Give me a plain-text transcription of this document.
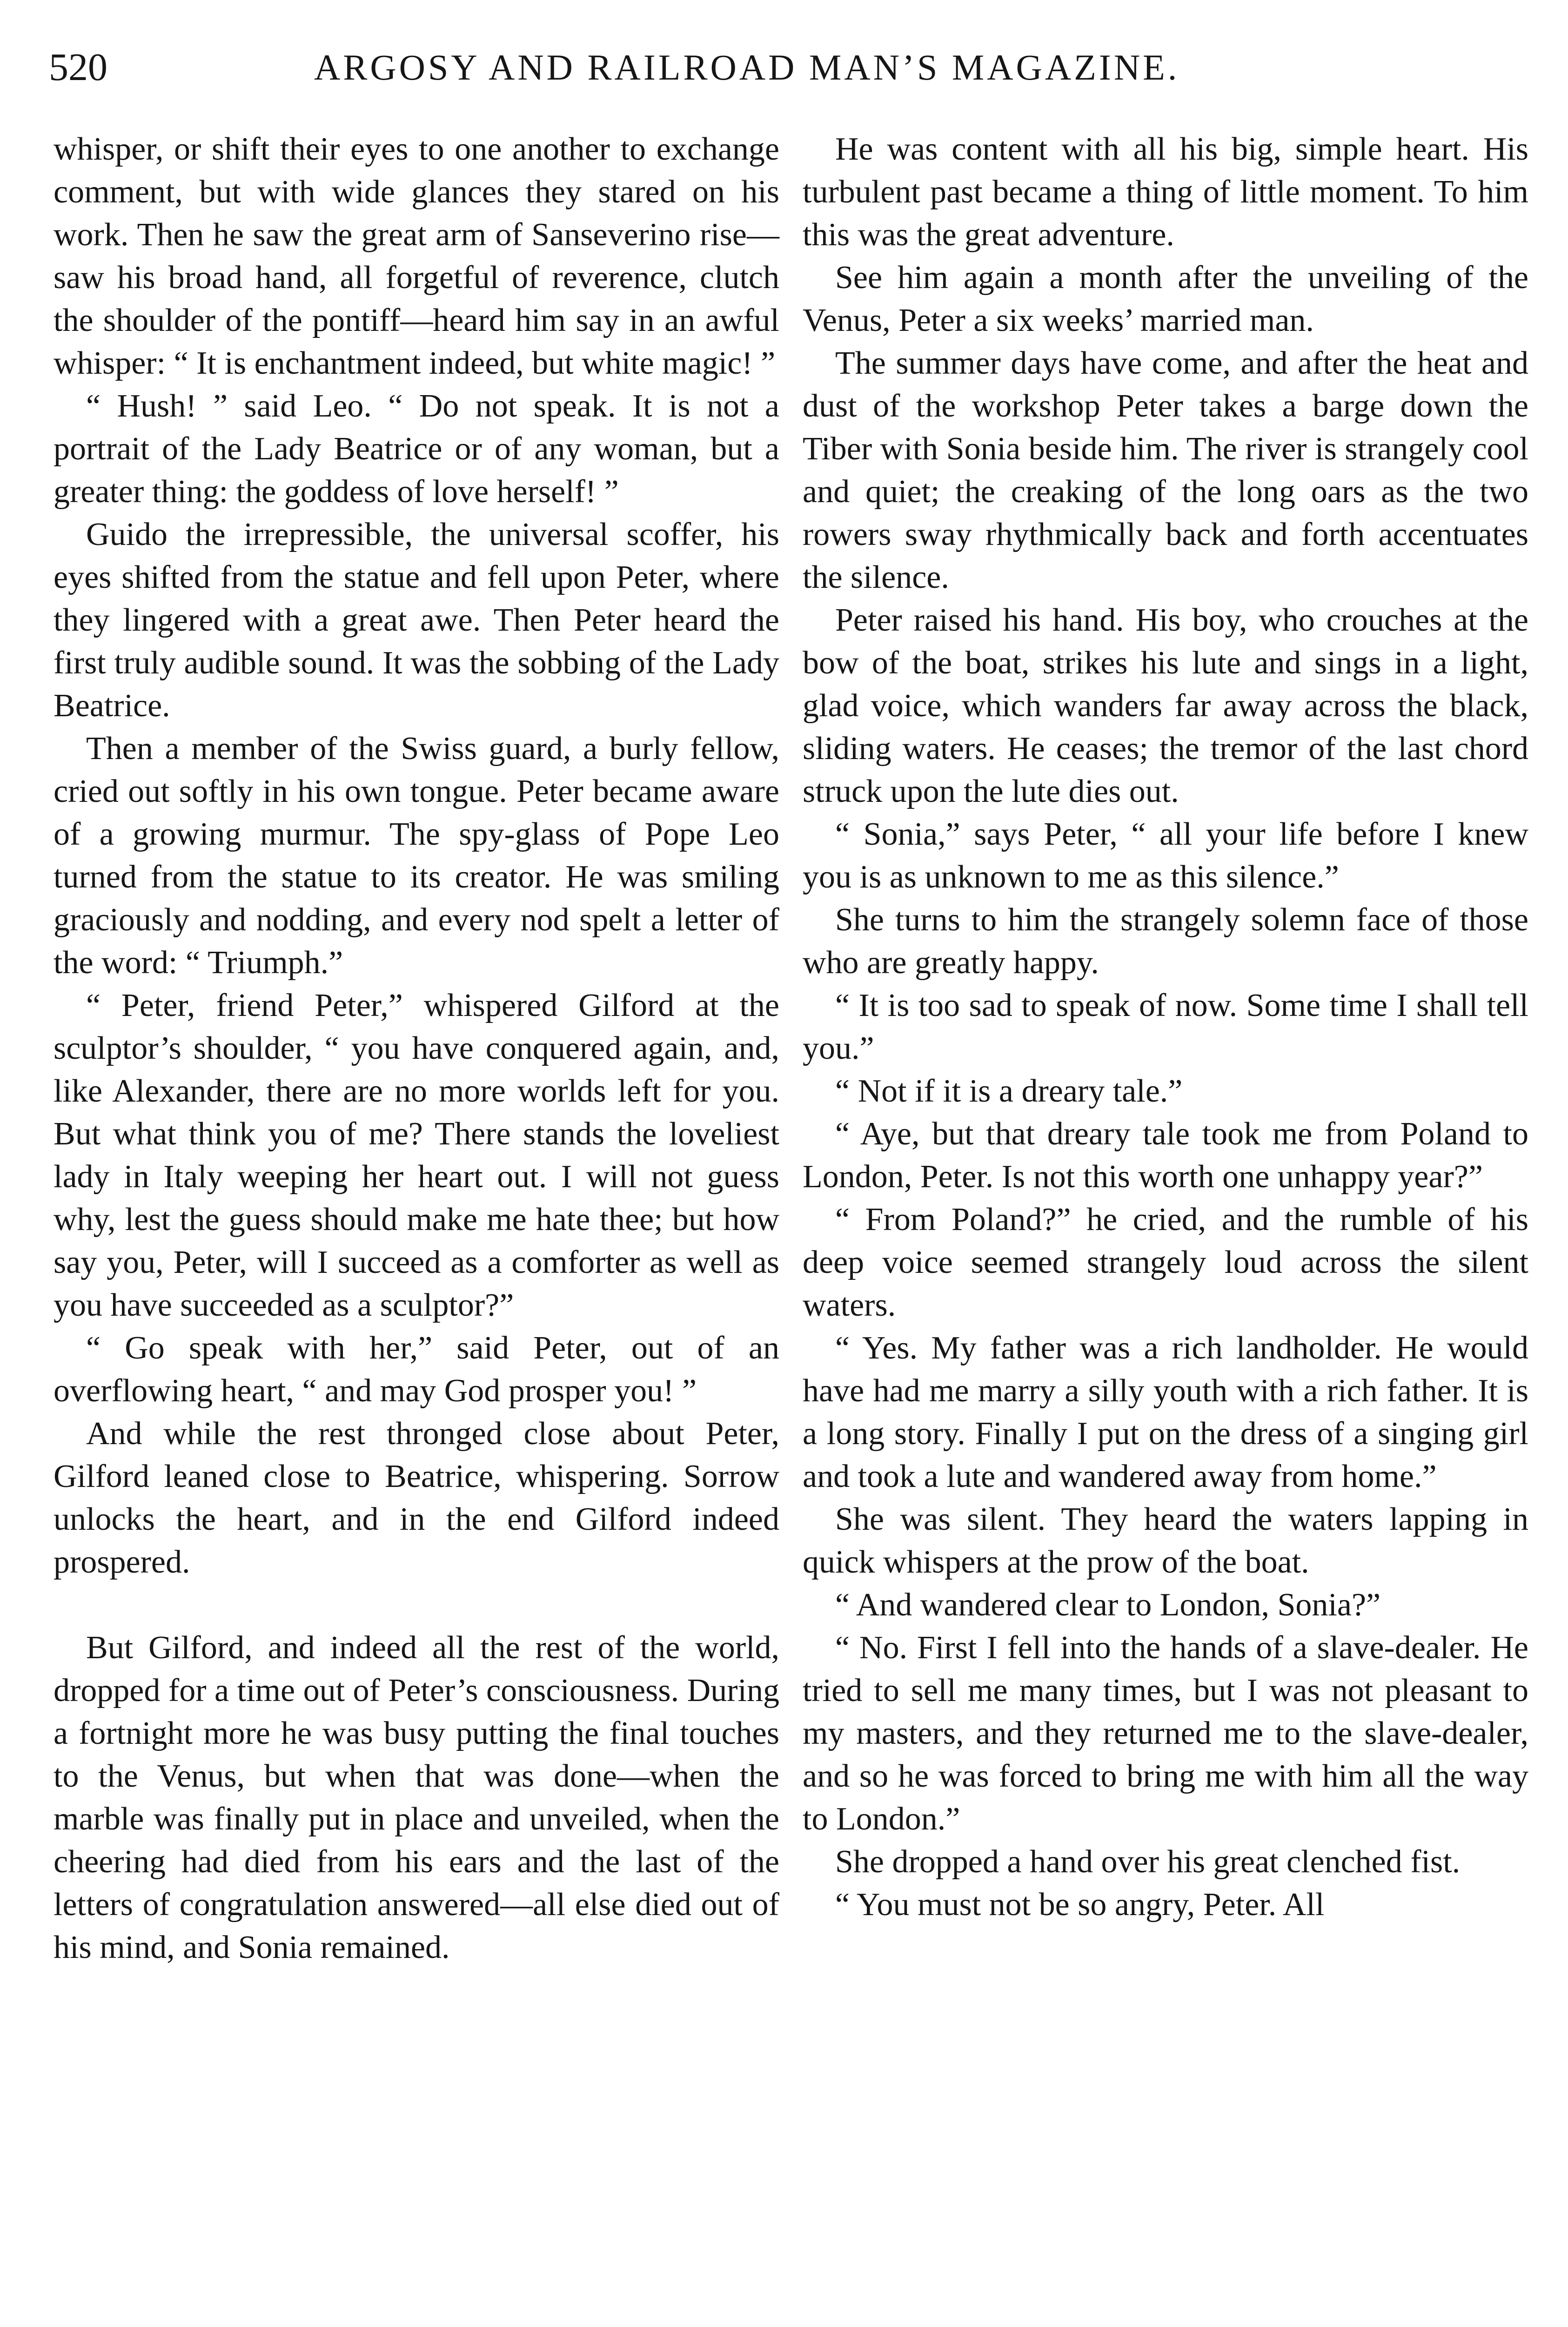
520	ARGOSY AND RAILROAD MAN’S MAGAZINE.

whisper, or shift their eyes to one another to exchange comment, but with wide glances they stared on his work. Then he saw the great arm of Sanseverino rise—saw his broad hand, all forgetful of reverence, clutch the shoulder of the pontiff—heard him say in an awful whisper: “ It is enchantment indeed, but white magic! ”

“ Hush! ” said Leo. “ Do not speak. It is not a portrait of the Lady Beatrice or of any woman, but a greater thing: the goddess of love herself! ”

Guido the irrepressible, the universal scoffer, his eyes shifted from the statue and fell upon Peter, where they lingered with a great awe. Then Peter heard the first truly audible sound. It was the sobbing of the Lady Beatrice.

Then a member of the Swiss guard, a burly fellow, cried out softly in his own tongue. Peter became aware of a growing murmur. The spy-glass of Pope Leo turned from the statue to its creator. He was smiling graciously and nodding, and every nod spelt a letter of the word: “ Triumph.”

“ Peter, friend Peter,” whispered Gilford at the sculptor’s shoulder, “ you have conquered again, and, like Alexander, there are no more worlds left for you. But what think you of me? There stands the loveliest lady in Italy weeping her heart out. I will not guess why, lest the guess should make me hate thee; but how say you, Peter, will I succeed as a comforter as well as you have succeeded as a sculptor?”

“ Go speak with her,” said Peter, out of an overflowing heart, “ and may God prosper you! ”

And while the rest thronged close about Peter, Gilford leaned close to Beatrice, whispering. Sorrow unlocks the heart, and in the end Gilford indeed prospered.

But Gilford, and indeed all the rest of the world, dropped for a time out of Peter’s consciousness. During a fortnight more he was busy putting the final touches to the Venus, but when that was done—when the marble was finally put in place and unveiled, when the cheering had died from his ears and the last of the letters of congratulation answered—all else died out of his mind, and Sonia remained.

He was content with all his big, simple heart. His turbulent past became a thing of little moment. To him this was the great adventure.

See him again a month after the unveiling of the Venus, Peter a six weeks’ married man.

The summer days have come, and after the heat and dust of the workshop Peter takes a barge down the Tiber with Sonia beside him. The river is strangely cool and quiet; the creaking of the long oars as the two rowers sway rhythmically back and forth accentuates the silence.

Peter raised his hand. His boy, who crouches at the bow of the boat, strikes his lute and sings in a light, glad voice, which wanders far away across the black, sliding waters. He ceases; the tremor of the last chord struck upon the lute dies out.

“ Sonia,” says Peter, “ all your life before I knew you is as unknown to me as this silence.”

She turns to him the strangely solemn face of those who are greatly happy.

“ It is too sad to speak of now. Some time I shall tell you.”

“ Not if it is a dreary tale.”

“ Aye, but that dreary tale took me from Poland to London, Peter. Is not this worth one unhappy year?”

“ From Poland?” he cried, and the rumble of his deep voice seemed strangely loud across the silent waters.

“ Yes. My father was a rich landholder. He would have had me marry a silly youth with a rich father. It is a long story. Finally I put on the dress of a singing girl and took a lute and wandered away from home.”

She was silent. They heard the waters lapping in quick whispers at the prow of the boat.

“ And wandered clear to London, Sonia?”

“ No. First I fell into the hands of a slave-dealer. He tried to sell me many times, but I was not pleasant to my masters, and they returned me to the slave-dealer, and so he was forced to bring me with him all the way to London.”

She dropped a hand over his great clenched fist.

“ You must not be so angry, Peter. All
